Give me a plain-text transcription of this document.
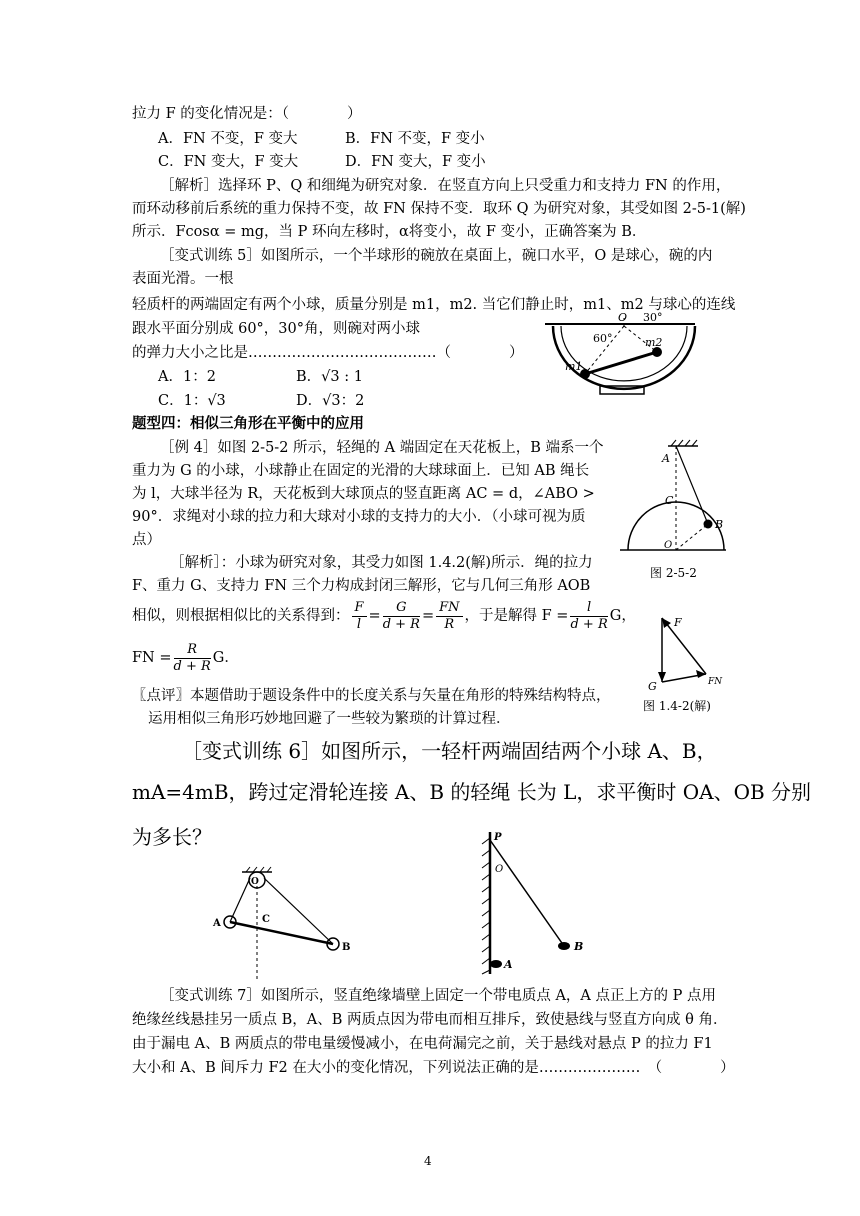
拉力 F 的变化情况是：（　　　　）
A．FN 不变，F 变大	B．FN 不变，F 变小
C．FN 变大，F 变大	D．FN 变大，F 变小
［解析］选择环 P、Q 和细绳为研究对象．在竖直方向上只受重力和支持力 FN 的作用，
而环动移前后系统的重力保持不变，故 FN 保持不变．取环 Q 为研究对象，其受如图 2-5-1(解)
所示．Fcosα = mg，当 P 环向左移时，α将变小，故 F 变小，正确答案为 B．
［变式训练 5］如图所示，一个半球形的碗放在桌面上，碗口水平，O 是球心，碗的内
表面光滑。一根
轻质杆的两端固定有两个小球，质量分别是 m1，m2. 当它们静止时，m1、m2 与球心的连线
跟水平面分别成 60°，30°角，则碗对两小球
的弹力大小之比是…………………………………（　　　　）
A．1：2	B．√3 : 1
C．1：√3	D．√3：2
O
60°
30°
m1
m2
题型四：相似三角形在平衡中的应用
［例 4］如图 2-5-2 所示，轻绳的 A 端固定在天花板上，B 端系一个
重力为 G 的小球，小球静止在固定的光滑的大球球面上．已知 AB 绳长
为 l，大球半径为 R，天花板到大球顶点的竖直距离 AC = d，∠ABO >
90°．求绳对小球的拉力和大球对小球的支持力的大小．（小球可视为质
点）
［解析］：小球为研究对象，其受力如图 1.4.2(解)所示．绳的拉力
F、重力 G、支持力 FN 三个力构成封闭三解形，它与几何三角形 AOB
相似，则根据相似比的关系得到： $\frac{F}{l} = \frac{G}{d + R} = \frac{FN}{R}$ ，于是解得 $F = \frac{l}{d + R}$ G，
FN = $\frac{R}{d + R}$ G．
〖点评〗本题借助于题设条件中的长度关系与矢量在角形的特殊结构特点，
运用相似三角形巧妙地回避了一些较为繁琐的计算过程．
A
C
B
O
图 2-5-2
F
G	FN
图 1.4-2(解)
［变式训练 6］如图所示，一轻杆两端固结两个小球 A、B，
mA=4mB，跨过定滑轮连接 A、B 的轻绳 长为 L，求平衡时 OA、OB 分别
为多长？
O
A	C
B
P
O
B
A
［变式训练 7］如图所示，竖直绝缘墙壁上固定一个带电质点 A，A 点正上方的 P 点用
绝缘丝线悬挂另一质点 B，A、B 两质点因为带电而相互排斥，致使悬线与竖直方向成 θ 角．
由于漏电 A、B 两质点的带电量缓慢减小，在电荷漏完之前，关于悬线对悬点 P 的拉力 F1
大小和 A、B 间斥力 F2 在大小的变化情况，下列说法正确的是…………………　（　　　　）
4
